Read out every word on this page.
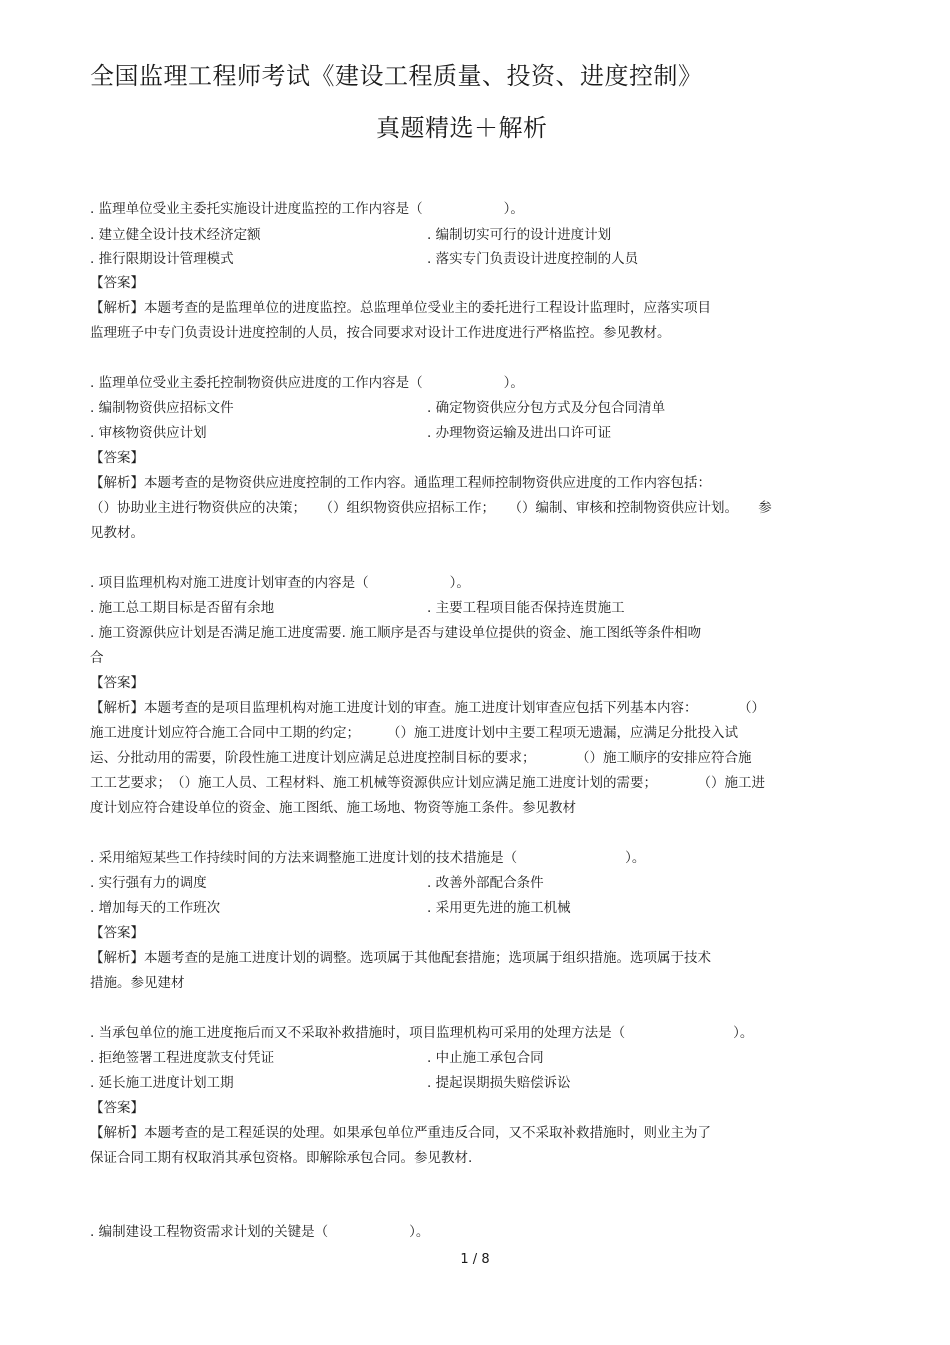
全国监理工程师考试《建设工程质量、投资、进度控制》
真题精选＋解析
. 监理单位受业主委托实施设计进度监控的工作内容是（　　　　　　）。
. 建立健全设计技术经济定额	. 编制切实可行的设计进度计划
. 推行限期设计管理模式	. 落实专门负责设计进度控制的人员
【答案】
【解析】本题考查的是监理单位的进度监控。总监理单位受业主的委托进行工程设计监理时，应落实项目
监理班子中专门负责设计进度控制的人员，按合同要求对设计工作进度进行严格监控。参见教材。
. 监理单位受业主委托控制物资供应进度的工作内容是（　　　　　　）。
. 编制物资供应招标文件	. 确定物资供应分包方式及分包合同清单
. 审核物资供应计划	. 办理物资运输及进出口许可证
【答案】
【解析】本题考查的是物资供应进度控制的工作内容。通监理工程师控制物资供应进度的工作内容包括：
（）协助业主进行物资供应的决策；　　（）组织物资供应招标工作；　　（）编制、审核和控制物资供应计划。　　参
见教材。
. 项目监理机构对施工进度计划审查的内容是（　　　　　　）。
. 施工总工期目标是否留有余地	. 主要工程项目能否保持连贯施工
. 施工资源供应计划是否满足施工进度需要. 施工顺序是否与建设单位提供的资金、施工图纸等条件相吻
合
【答案】
【解析】本题考查的是项目监理机构对施工进度计划的审查。施工进度计划审查应包括下列基本内容：　　　　（）
施工进度计划应符合施工合同中工期的约定；　　　（）施工进度计划中主要工程项无遗漏，应满足分批投入试
运、分批动用的需要，阶段性施工进度计划应满足总进度控制目标的要求；　　　　（）施工顺序的安排应符合施
工工艺要求；　（）施工人员、工程材料、施工机械等资源供应计划应满足施工进度计划的需要；　　　　（）施工进
度计划应符合建设单位的资金、施工图纸、施工场地、物资等施工条件。参见教材
. 采用缩短某些工作持续时间的方法来调整施工进度计划的技术措施是（　　　　　　　　）。
. 实行强有力的调度	. 改善外部配合条件
. 增加每天的工作班次	. 采用更先进的施工机械
【答案】
【解析】本题考查的是施工进度计划的调整。选项属于其他配套措施；选项属于组织措施。选项属于技术
措施。参见建材
. 当承包单位的施工进度拖后而又不采取补救措施时，项目监理机构可采用的处理方法是（　　　　　　　　）。
. 拒绝签署工程进度款支付凭证	. 中止施工承包合同
. 延长施工进度计划工期	. 提起误期损失赔偿诉讼
【答案】
【解析】本题考查的是工程延误的处理。如果承包单位严重违反合同，又不采取补救措施时，则业主为了
保证合同工期有权取消其承包资格。即解除承包合同。参见教材.
. 编制建设工程物资需求计划的关键是（　　　　　　）。
1 / 8
